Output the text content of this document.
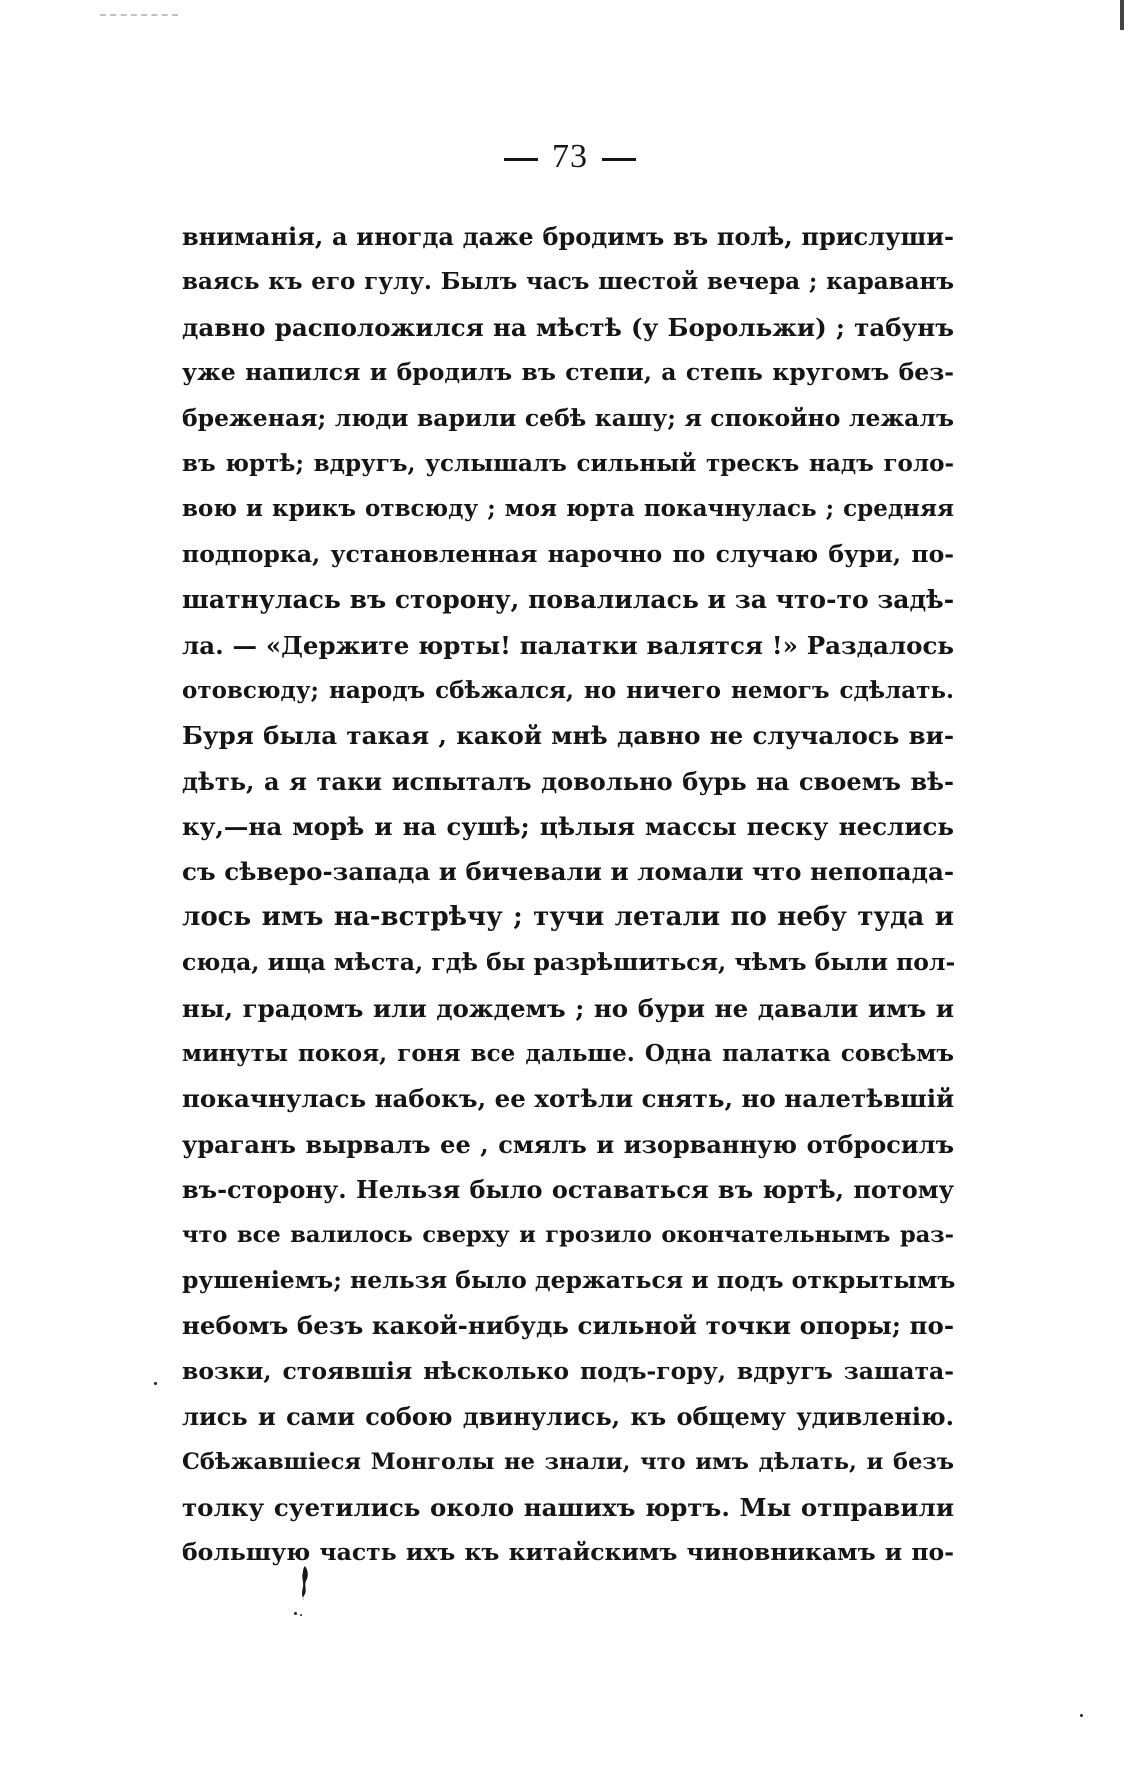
73
вниманія, а иногда даже бродимъ въ полѣ, прислуши-
ваясь къ его гулу. Былъ часъ шестой вечера ; караванъ
давно расположился на мѣстѣ (у Борольжи) ; табунъ
уже напился и бродилъ въ степи, а степь кругомъ без-
бреженая; люди варили себѣ кашу; я спокойно лежалъ
въ юртѣ; вдругъ, услышалъ сильный трескъ надъ голо-
вою и крикъ отвсюду ; моя юрта покачнулась ; средняя
подпорка, установленная нарочно по случаю бури, по-
шатнулась въ сторону, повалилась и за что-то задѣ-
ла. — «Держите юрты! палатки валятся !» Раздалось
отовсюду; народъ сбѣжался, но ничего немогъ сдѣлать.
Буря была такая , какой мнѣ давно не случалось ви-
дѣть, а я таки испыталъ довольно бурь на своемъ вѣ-
ку,—на морѣ и на сушѣ; цѣлыя массы песку неслись
съ сѣверо-запада и бичевали и ломали что непопада-
лось имъ на-встрѣчу ; тучи летали по небу туда и
сюда, ища мѣста, гдѣ бы разрѣшиться, чѣмъ были пол-
ны, градомъ или дождемъ ; но бури не давали имъ и
минуты покоя, гоня все дальше. Одна палатка совсѣмъ
покачнулась набокъ, ее хотѣли снять, но налетѣвшій
ураганъ вырвалъ ее , смялъ и изорванную отбросилъ
въ-сторону. Нельзя было оставаться въ юртѣ, потому
что все валилось сверху и грозило окончательнымъ раз-
рушеніемъ; нельзя было держаться и подъ открытымъ
небомъ безъ какой-нибудь сильной точки опоры; по-
возки, стоявшія нѣсколько подъ-гору, вдругъ зашата-
лись и сами собою двинулись, къ общему удивленію.
Сбѣжавшіеся Монголы не знали, что имъ дѣлать, и безъ
толку суетились около нашихъ юртъ. Мы отправили
большую часть ихъ къ китайскимъ чиновникамъ и по-
